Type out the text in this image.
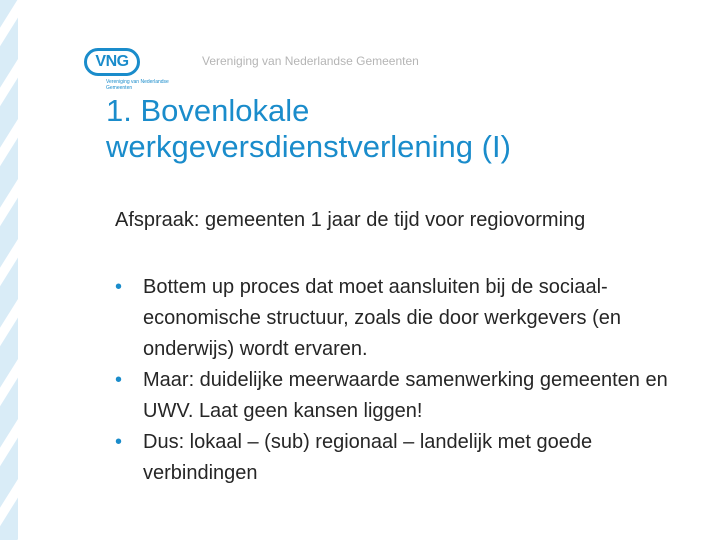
VNG
Vereniging van Nederlandse Gemeenten
Vereniging van Nederlandse Gemeenten
1. Bovenlokale
werkgeversdienstverlening (I)

Afspraak: gemeenten 1 jaar de tijd voor regiovorming

• Bottem up proces dat moet aansluiten bij de sociaal-economische structuur, zoals die door werkgevers (en onderwijs) wordt ervaren.
• Maar: duidelijke meerwaarde samenwerking gemeenten en UWV. Laat geen kansen liggen!
• Dus: lokaal – (sub) regionaal – landelijk met goede verbindingen
